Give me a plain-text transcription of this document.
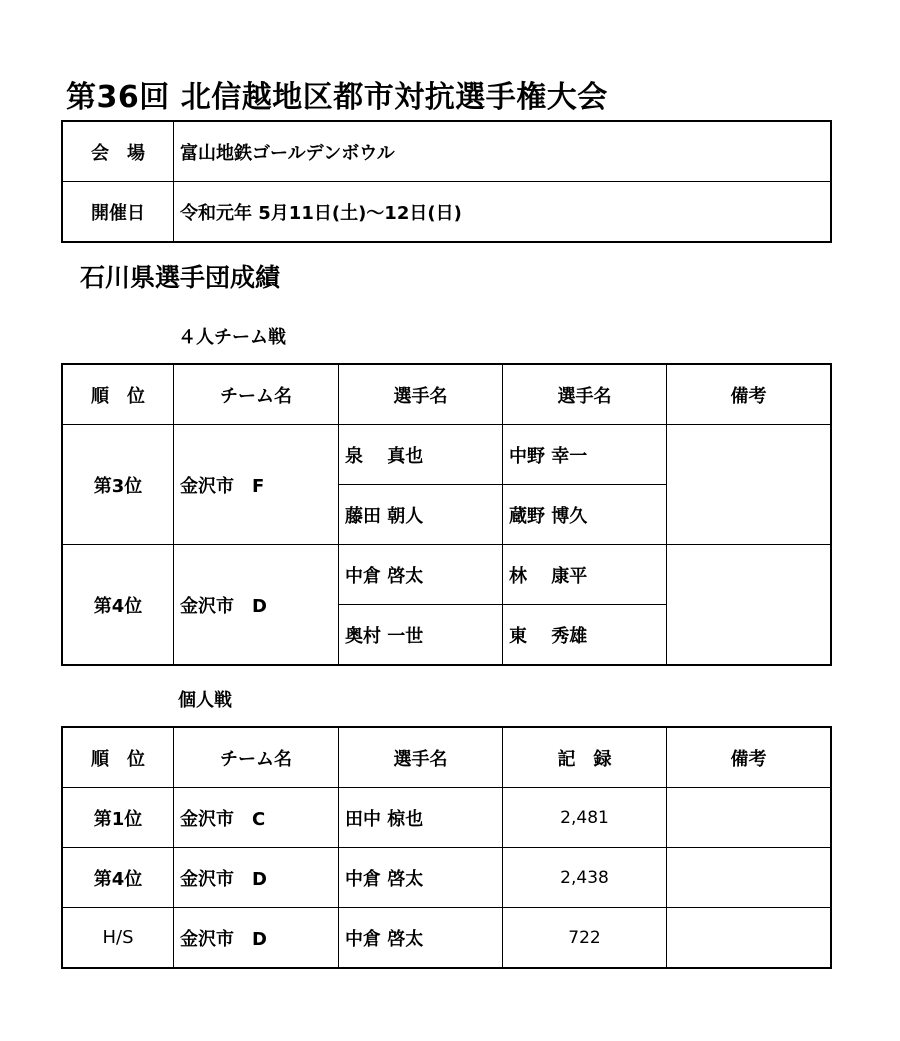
第36回 北信越地区都市対抗選手権大会
会　場	富山地鉄ゴールデンボウル
開催日	令和元年 5月11日(土)～12日(日)
石川県選手団成績
４人チーム戦
順　位	チーム名	選手名	選手名	備考
第3位	金沢市　F	泉　 真也	中野 幸一	
		藤田 朝人	蔵野 博久	
第4位	金沢市　D	中倉 啓太	林　 康平	
		奥村 一世	東　 秀雄	
個人戦
順　位	チーム名	選手名	記　録	備考
第1位	金沢市　C	田中 椋也	2,481	
第4位	金沢市　D	中倉 啓太	2,438	
H/S	金沢市　D	中倉 啓太	722	
